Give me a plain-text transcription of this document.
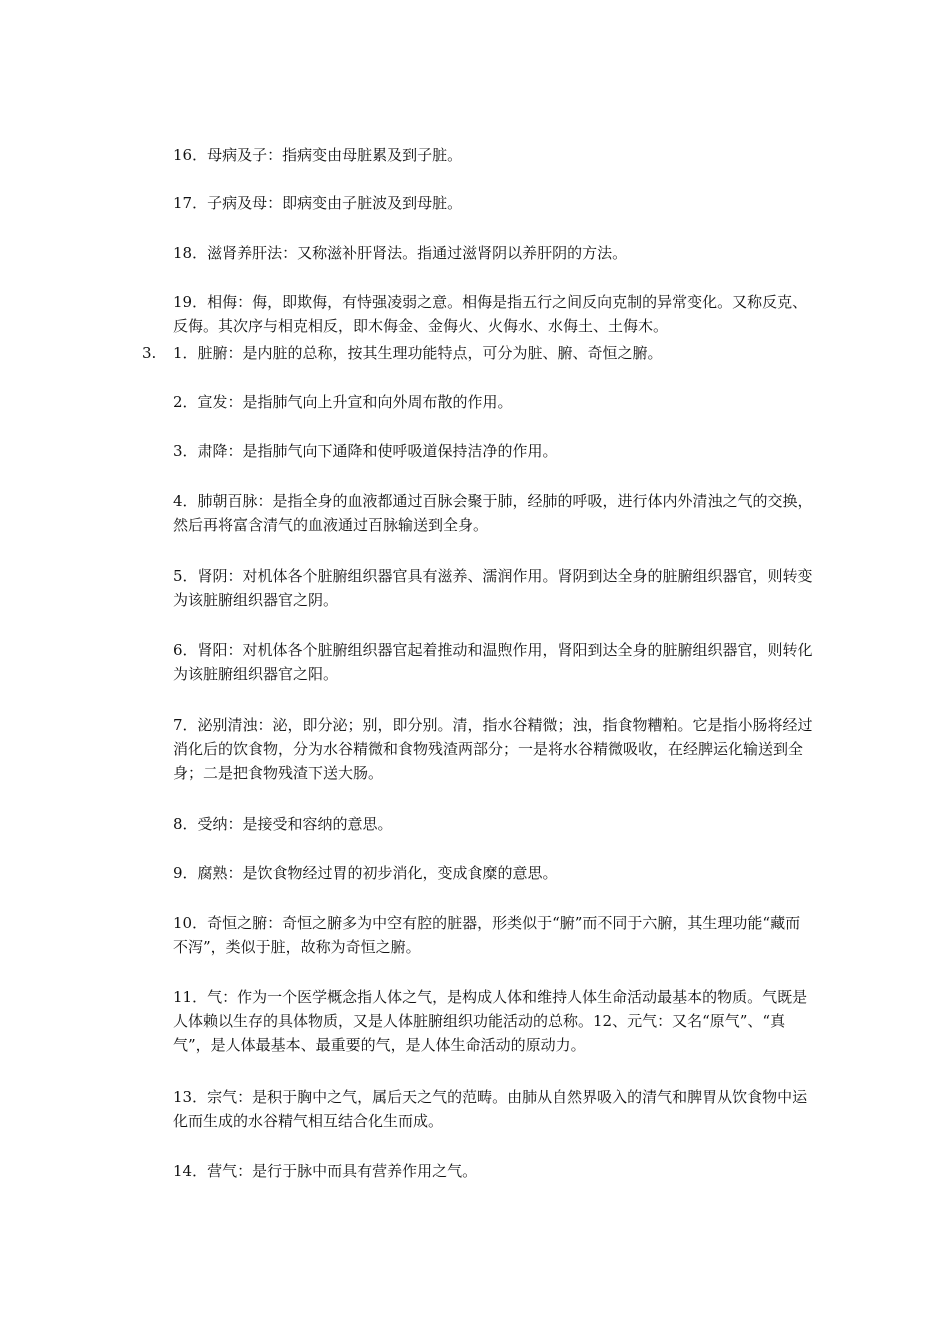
16．母病及子：指病变由母脏累及到子脏。

17．子病及母：即病变由子脏波及到母脏。

18．滋肾养肝法：又称滋补肝肾法。指通过滋肾阴以养肝阴的方法。

19．相侮：侮，即欺侮，有恃强凌弱之意。相侮是指五行之间反向克制的异常变化。又称反克、反侮。其次序与相克相反，即木侮金、金侮火、火侮水、水侮土、土侮木。

3. 1．脏腑：是内脏的总称，按其生理功能特点，可分为脏、腑、奇恒之腑。

2．宣发：是指肺气向上升宣和向外周布散的作用。

3．肃降：是指肺气向下通降和使呼吸道保持洁净的作用。

4．肺朝百脉：是指全身的血液都通过百脉会聚于肺，经肺的呼吸，进行体内外清浊之气的交换，然后再将富含清气的血液通过百脉输送到全身。

5．肾阴：对机体各个脏腑组织器官具有滋养、濡润作用。肾阴到达全身的脏腑组织器官，则转变为该脏腑组织器官之阴。

6．肾阳：对机体各个脏腑组织器官起着推动和温煦作用，肾阳到达全身的脏腑组织器官，则转化为该脏腑组织器官之阳。

7．泌别清浊：泌，即分泌；别，即分别。清，指水谷精微；浊，指食物糟粕。它是指小肠将经过消化后的饮食物，分为水谷精微和食物残渣两部分；一是将水谷精微吸收，在经脾运化输送到全身；二是把食物残渣下送大肠。

8．受纳：是接受和容纳的意思。

9．腐熟：是饮食物经过胃的初步消化，变成食糜的意思。

10．奇恒之腑：奇恒之腑多为中空有腔的脏器，形类似于“腑”而不同于六腑，其生理功能“藏而不泻”，类似于脏，故称为奇恒之腑。

11．气：作为一个医学概念指人体之气，是构成人体和维持人体生命活动最基本的物质。气既是人体赖以生存的具体物质，又是人体脏腑组织功能活动的总称。12、元气：又名“原气”、“真气”，是人体最基本、最重要的气，是人体生命活动的原动力。

13．宗气：是积于胸中之气，属后天之气的范畴。由肺从自然界吸入的清气和脾胃从饮食物中运化而生成的水谷精气相互结合化生而成。

14．营气：是行于脉中而具有营养作用之气。
